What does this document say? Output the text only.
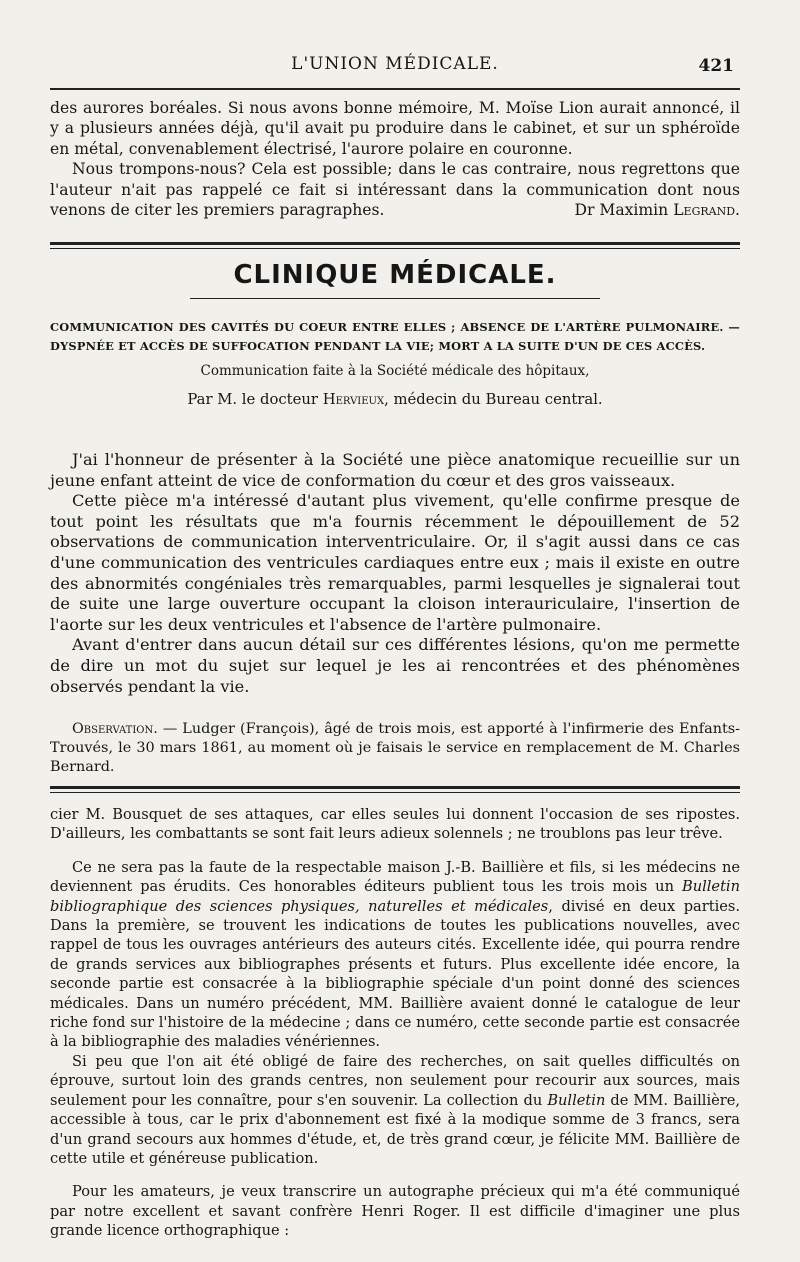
L'UNION MÉDICALE.	421

des aurores boréales. Si nous avons bonne mémoire, M. Moïse Lion aurait annoncé, il y a plusieurs années déjà, qu'il avait pu produire dans le cabinet, et sur un sphéroïde en métal, convenablement électrisé, l'aurore polaire en couronne.

Nous trompons-nous? Cela est possible; dans le cas contraire, nous regrettons que l'auteur n'ait pas rappelé ce fait si intéressant dans la communication dont nous venons de citer les premiers paragraphes.	Dr Maximin Legrand.
CLINIQUE MÉDICALE.

COMMUNICATION DES CAVITÉS DU COEUR ENTRE ELLES ; ABSENCE DE L'ARTÈRE PULMONAIRE. — DYSPNÉE ET ACCÈS DE SUFFOCATION PENDANT LA VIE; MORT A LA SUITE D'UN DE CES ACCÈS.

Communication faite à la Société médicale des hôpitaux,

Par M. le docteur Hervieux, médecin du Bureau central.

J'ai l'honneur de présenter à la Société une pièce anatomique recueillie sur un jeune enfant atteint de vice de conformation du cœur et des gros vaisseaux.

Cette pièce m'a intéressé d'autant plus vivement, qu'elle confirme presque de tout point les résultats que m'a fournis récemment le dépouillement de 52 observations de communication interventriculaire. Or, il s'agit aussi dans ce cas d'une communication des ventricules cardiaques entre eux ; mais il existe en outre des abnormités congéniales très remarquables, parmi lesquelles je signalerai tout de suite une large ouverture occupant la cloison interauriculaire, l'insertion de l'aorte sur les deux ventricules et l'absence de l'artère pulmonaire.

Avant d'entrer dans aucun détail sur ces différentes lésions, qu'on me permette de dire un mot du sujet sur lequel je les ai rencontrées et des phénomènes observés pendant la vie.

Observation. — Ludger (François), âgé de trois mois, est apporté à l'infirmerie des Enfants-Trouvés, le 30 mars 1861, au moment où je faisais le service en remplacement de M. Charles Bernard.

cier M. Bousquet de ses attaques, car elles seules lui donnent l'occasion de ses ripostes. D'ailleurs, les combattants se sont fait leurs adieux solennels ; ne troublons pas leur trêve.

Ce ne sera pas la faute de la respectable maison J.-B. Baillière et fils, si les médecins ne deviennent pas érudits. Ces honorables éditeurs publient tous les trois mois un Bulletin bibliographique des sciences physiques, naturelles et médicales, divisé en deux parties. Dans la première, se trouvent les indications de toutes les publications nouvelles, avec rappel de tous les ouvrages antérieurs des auteurs cités. Excellente idée, qui pourra rendre de grands services aux bibliographes présents et futurs. Plus excellente idée encore, la seconde partie est consacrée à la bibliographie spéciale d'un point donné des sciences médicales. Dans un numéro précédent, MM. Baillière avaient donné le catalogue de leur riche fond sur l'histoire de la médecine ; dans ce numéro, cette seconde partie est consacrée à la bibliographie des maladies vénériennes.

Si peu que l'on ait été obligé de faire des recherches, on sait quelles difficultés on éprouve, surtout loin des grands centres, non seulement pour recourir aux sources, mais seulement pour les connaître, pour s'en souvenir. La collection du Bulletin de MM. Baillière, accessible à tous, car le prix d'abonnement est fixé à la modique somme de 3 francs, sera d'un grand secours aux hommes d'étude, et, de très grand cœur, je félicite MM. Baillière de cette utile et généreuse publication.

Pour les amateurs, je veux transcrire un autographe précieux qui m'a été communiqué par notre excellent et savant confrère Henri Roger. Il est difficile d'imaginer une plus grande licence orthographique :
